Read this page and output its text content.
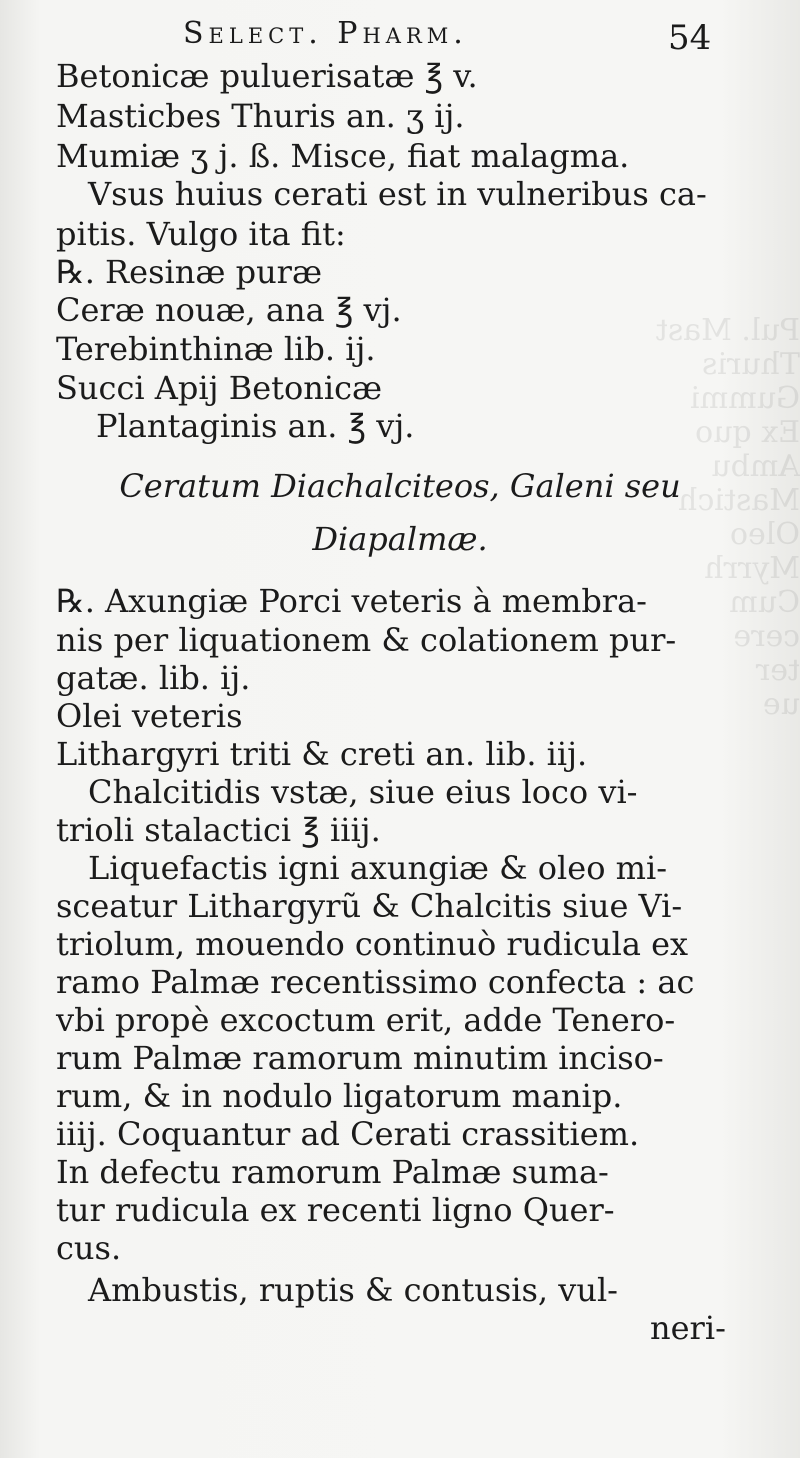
Pul. Mast
Thuris
Gummi
Ex quo
Ambu
Mastich
Oleo
Myrrh
Cum
cere
ter
ue

Select. Pharm.	54
Betonicæ puluerisatæ ℥ v.
Masticbes Thuris an. ʒ ij.
Mumiæ ʒ j. ß. Misce, fiat malagma.
Vsus huius cerati est in vulneribus ca-
pitis. Vulgo ita fit:
℞. Resinæ puræ
Ceræ nouæ, ana ℥ vj.
Terebinthinæ lib. ij.
Succi Apij Betonicæ
Plantaginis an. ℥ vj.
Ceratum Diachalciteos, Galeni seu
Diapalmæ.
℞. Axungiæ Porci veteris à membra-
nis per liquationem & colationem pur-
gatæ. lib. ij.
Olei veteris
Lithargyri triti & creti an. lib. iij.
Chalcitidis vstæ, siue eius loco vi-
trioli stalactici ℥ iiij.
Liquefactis igni axungiæ & oleo mi-
sceatur Lithargyrũ & Chalcitis siue Vi-
triolum, mouendo continuò rudicula ex
ramo Palmæ recentissimo confecta : ac
vbi propè excoctum erit, adde Tenero-
rum Palmæ ramorum minutim inciso-
rum, & in nodulo ligatorum manip.
iiij. Coquantur ad Cerati crassitiem.
In defectu ramorum Palmæ suma-
tur rudicula ex recenti ligno Quer-
cus.
Ambustis, ruptis & contusis, vul-
neri-
